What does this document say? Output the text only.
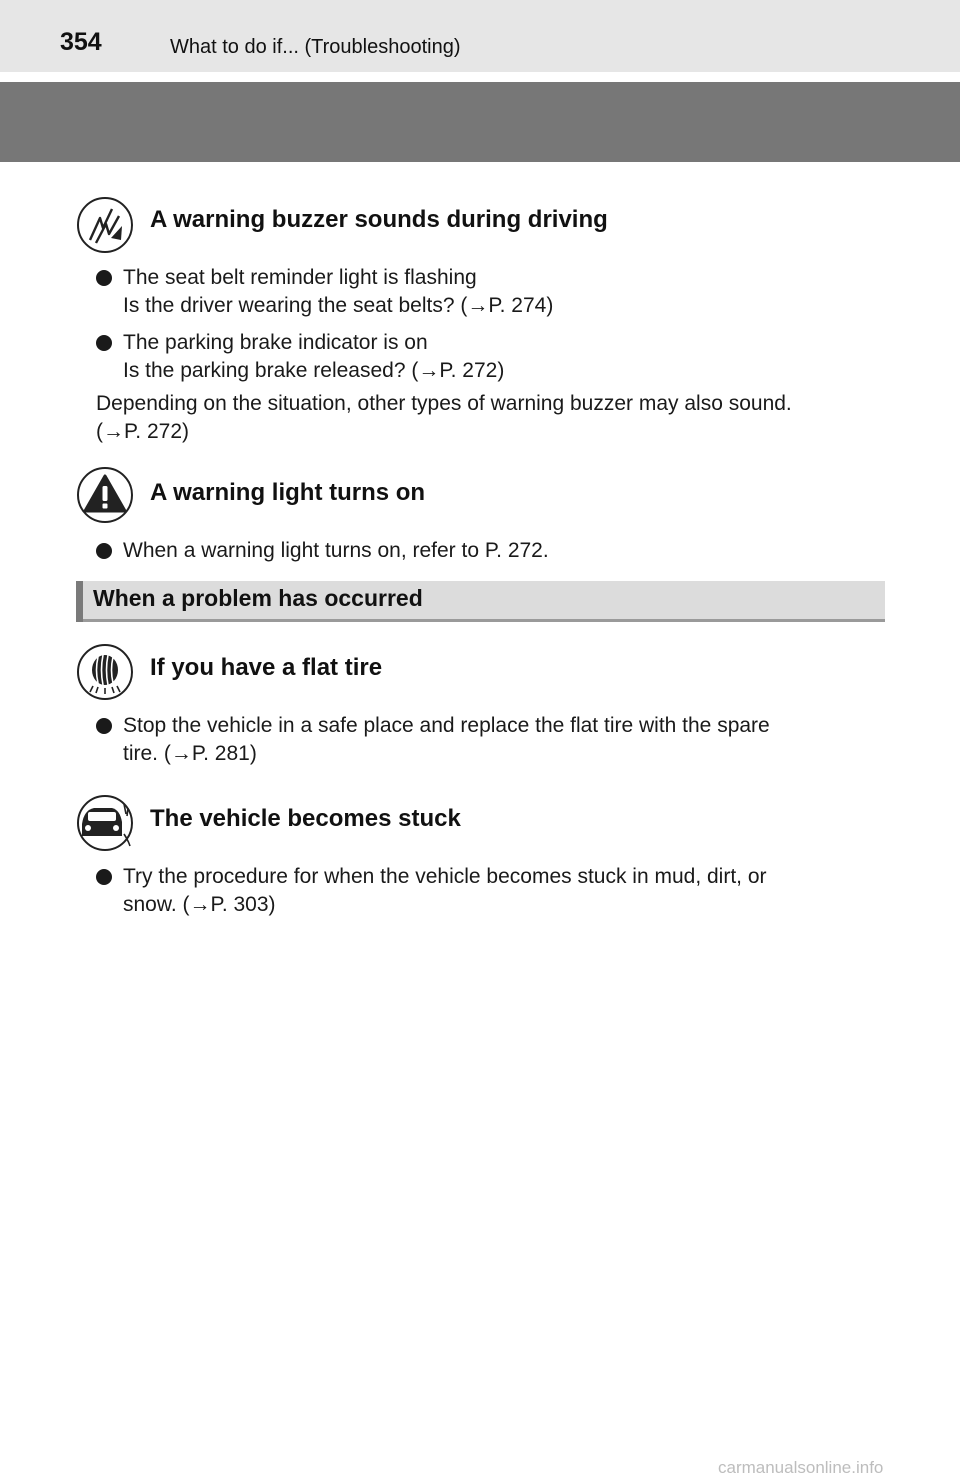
354	What to do if... (Troubleshooting)
A warning buzzer sounds during driving
The seat belt reminder light is flashing
Is the driver wearing the seat belts? (→P. 274)
The parking brake indicator is on
Is the parking brake released? (→P. 272)
Depending on the situation, other types of warning buzzer may also sound.
(→P. 272)
A warning light turns on
When a warning light turns on, refer to P. 272.
When a problem has occurred
If you have a flat tire
Stop the vehicle in a safe place and replace the flat tire with the spare
tire. (→P. 281)
The vehicle becomes stuck
Try the procedure for when the vehicle becomes stuck in mud, dirt, or
snow. (→P. 303)
carmanualsonline.info
